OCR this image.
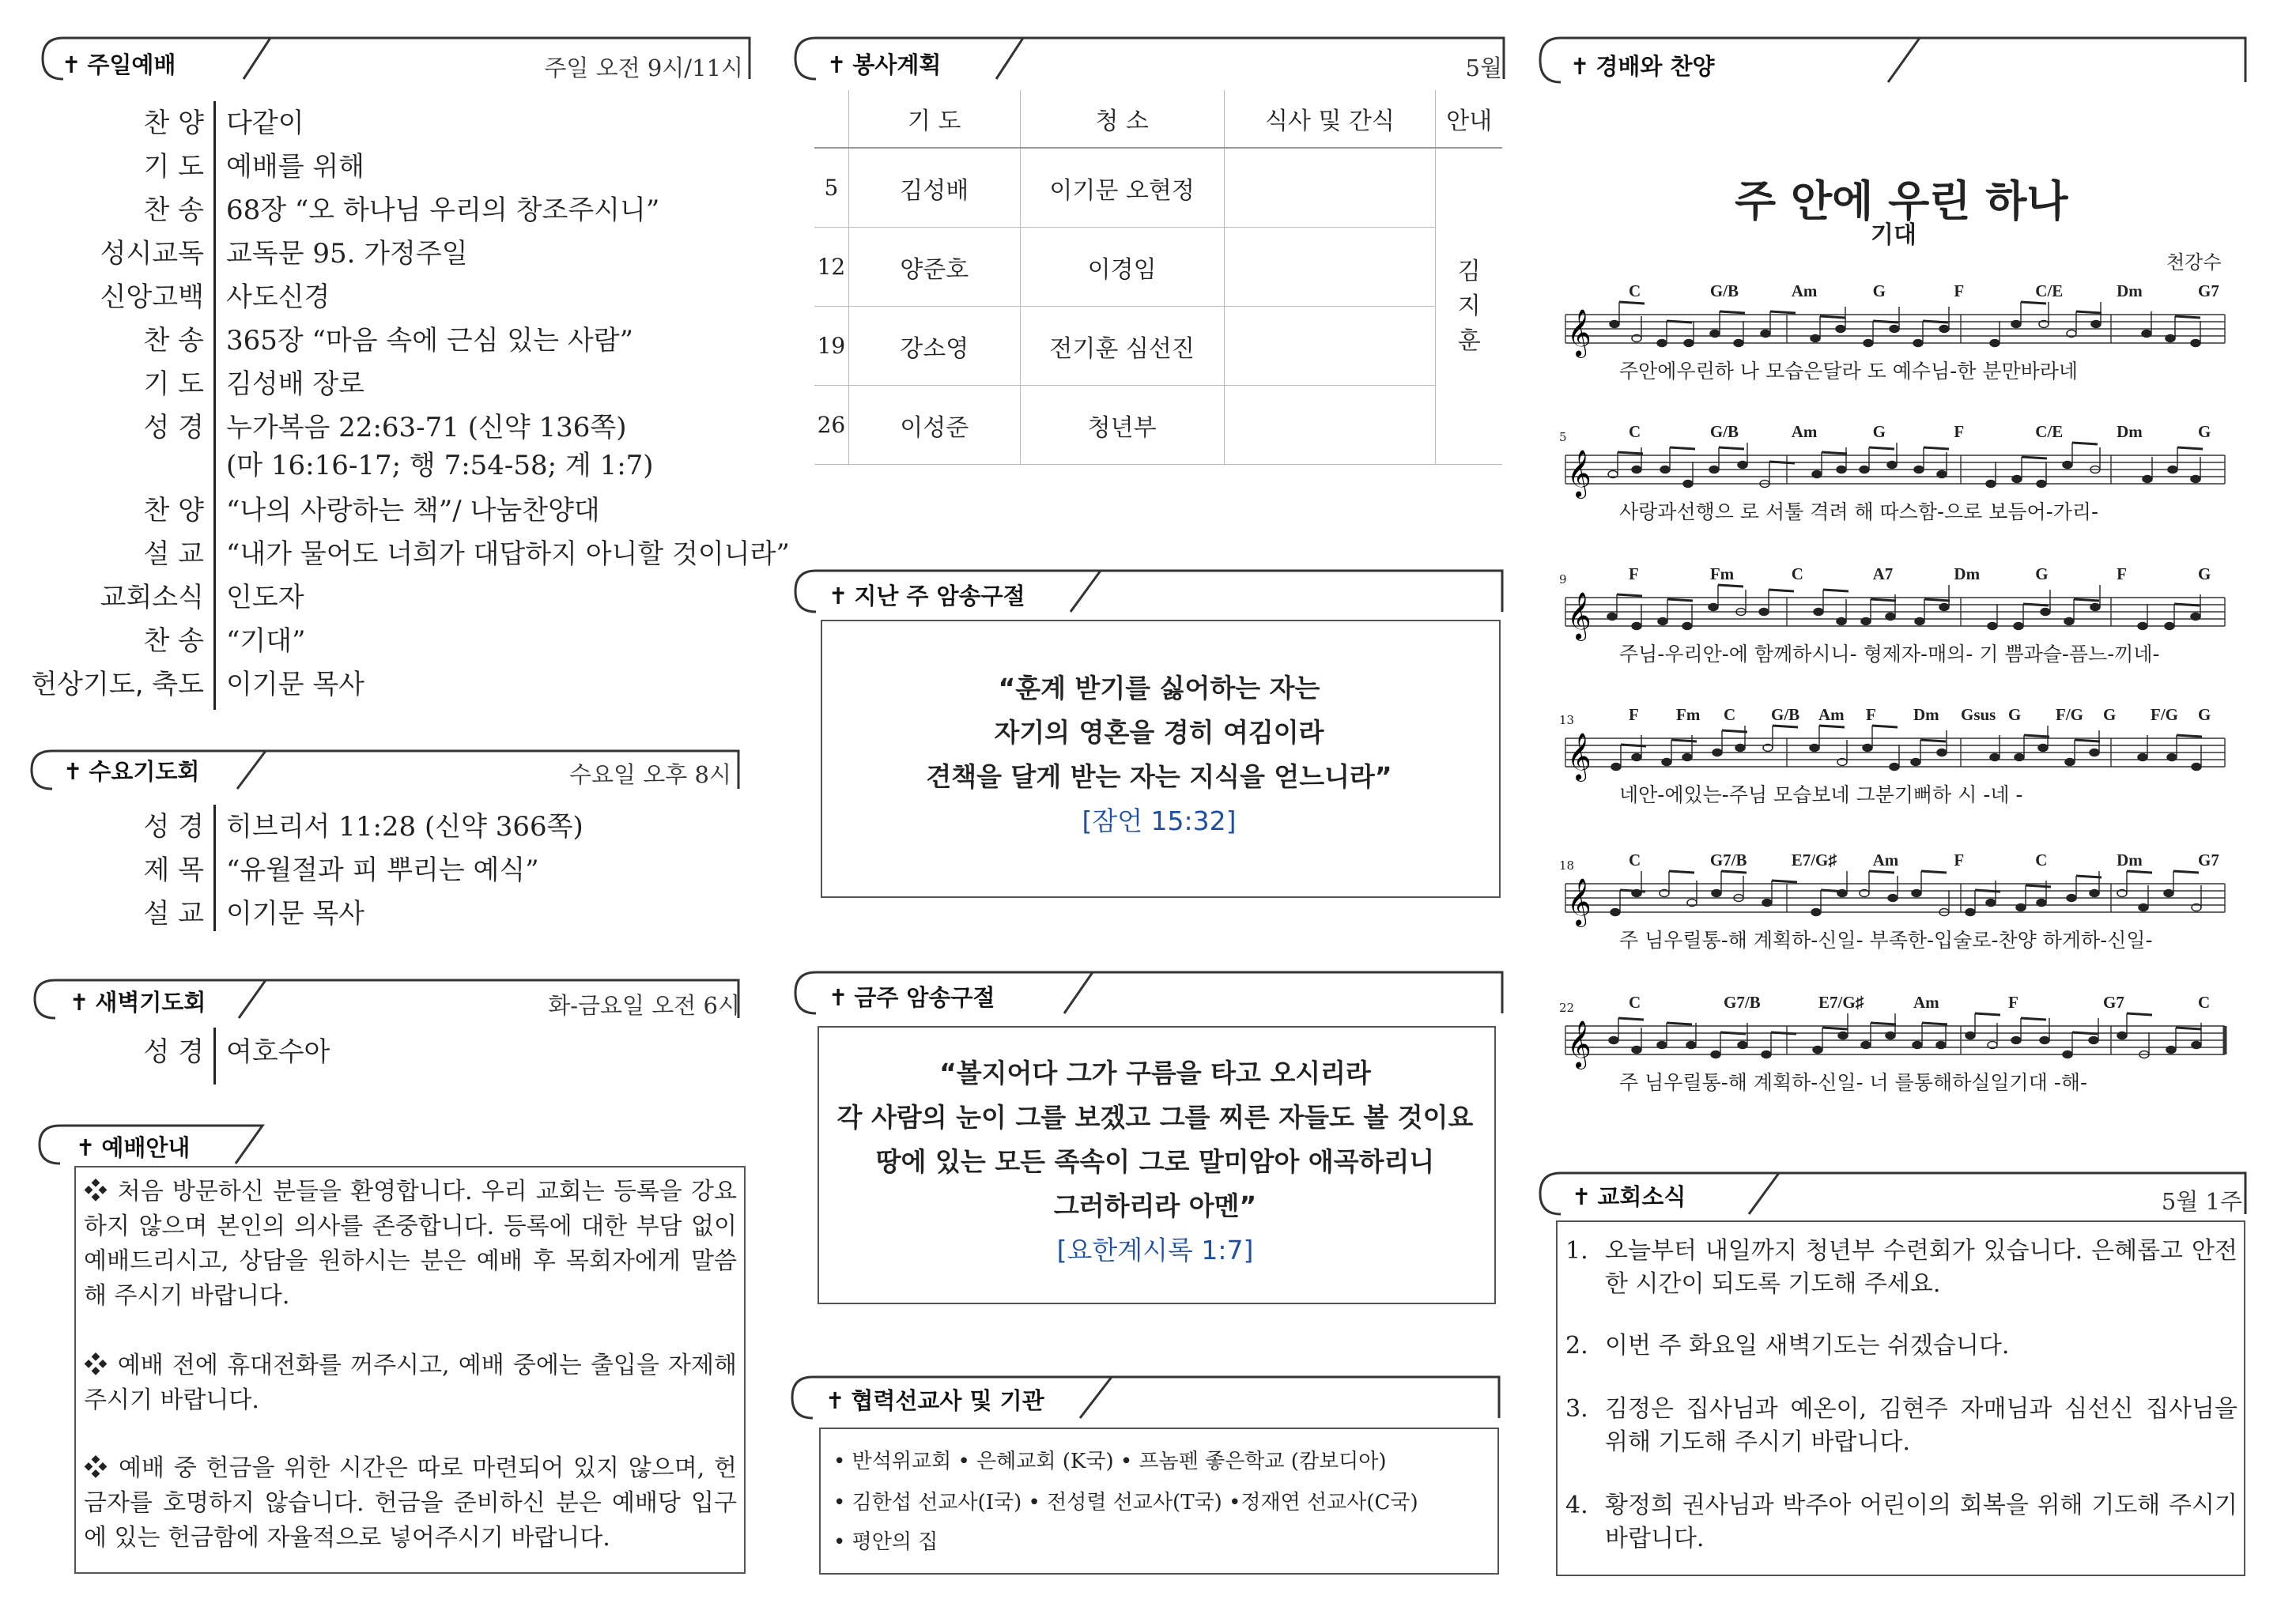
✝ 주일예배	주일 오전 9시/11시
찬 양 다같이
기 도 예배를 위해
찬 송 68장 “오 하나님 우리의 창조주시니”
성시교독 교독문 95. 가정주일
신앙고백 사도신경
찬 송 365장 “마음 속에 근심 있는 사람”
기 도 김성배 장로
성 경 누가복음 22:63-71 (신약 136쪽)
(마 16:16-17; 행 7:54-58; 계 1:7)
찬 양 “나의 사랑하는 책”/ 나눔찬양대
설 교 “내가 물어도 너희가 대답하지 아니할 것이니라”
교회소식 인도자
찬 송 “기대”
헌상기도, 축도 이기문 목사
✝ 수요기도회	수요일 오후 8시
성 경 히브리서 11:28 (신약 366쪽)
제 목 “유월절과 피 뿌리는 예식”
설 교 이기문 목사
✝ 새벽기도회	화-금요일 오전 6시
성 경 여호수아
✝ 예배안내
❖ 처음 방문하신 분들을 환영합니다. 우리 교회는 등록을 강요하지 않으며 본인의 의사를 존중합니다. 등록에 대한 부담 없이 예배드리시고, 상담을 원하시는 분은 예배 후 목회자에게 말씀해 주시기 바랍니다.
❖ 예배 전에 휴대전화를 꺼주시고, 예배 중에는 출입을 자제해 주시기 바랍니다.
❖ 예배 중 헌금을 위한 시간은 따로 마련되어 있지 않으며, 헌금자를 호명하지 않습니다. 헌금을 준비하신 분은 예배당 입구에 있는 헌금함에 자율적으로 넣어주시기 바랍니다.
✝ 봉사계획	5월
	기 도	청 소	식사 및 간식	안내
5	김성배	이기문 오현정		김
지
훈
12	양준호	이경임		
19	강소영	전기훈 심선진		
26	이성준	청년부		
✝ 지난 주 암송구절
“훈계 받기를 싫어하는 자는
자기의 영혼을 경히 여김이라
견책을 달게 받는 자는 지식을 얻느니라”
[잠언 15:32]
✝ 금주 암송구절
“볼지어다 그가 구름을 타고 오시리라
각 사람의 눈이 그를 보겠고 그를 찌른 자들도 볼 것이요
땅에 있는 모든 족속이 그로 말미암아 애곡하리니
그러하리라 아멘”
[요한계시록 1:7]
✝ 협력선교사 및 기관
• 반석위교회 • 은혜교회 (K국) • 프놈펜 좋은학교 (캄보디아)
• 김한섭 선교사(I국) • 전성렬 선교사(T국) •정재연 선교사(C국)
• 평안의 집
✝ 경배와 찬양
주 안에 우린 하나
기대
천강수
𝄞
𝄞
𝄞
𝄞
𝄞
𝄞
C	G/B	Am	G	F	C/E	Dm	G7
주안에우린하 나 모습은달라 도 예수님-한 분만바라네
5	C	G/B	Am	G	F	C/E	Dm	G
사랑과선행으 로 서툴 격려 해 따스함-으로 보듬어-가리-
9	F	Fm	C	A7	Dm	G	F	G
주님-우리안-에 함께하시니- 형제자-매의- 기 쁨과슬-픔느-끼네-
13	F Fm C G/B Am F Dm Gsus G F/G G F/G G
네안-에있는-주님 모습보네 그분기뻐하 시 -네 -
18	C	G7/B	E7/G♯ Am	F	C	Dm	G7
주 님우릴통-해 계획하-신일- 부족한-입술로-찬양 하게하-신일-
22	C	G7/B	E7/G♯	Am	F	G7	C
주 님우릴통-해 계획하-신일- 너 를통해하실일기대 -해-
✝ 교회소식	5월 1주
1. 오늘부터 내일까지 청년부 수련회가 있습니다. 은혜롭고 안전한 시간이 되도록 기도해 주세요.
2. 이번 주 화요일 새벽기도는 쉬겠습니다.
3. 김정은 집사님과 예온이, 김현주 자매님과 심선신 집사님을 위해 기도해 주시기 바랍니다.
4. 황정희 권사님과 박주아 어린이의 회복을 위해 기도해 주시기 바랍니다.
